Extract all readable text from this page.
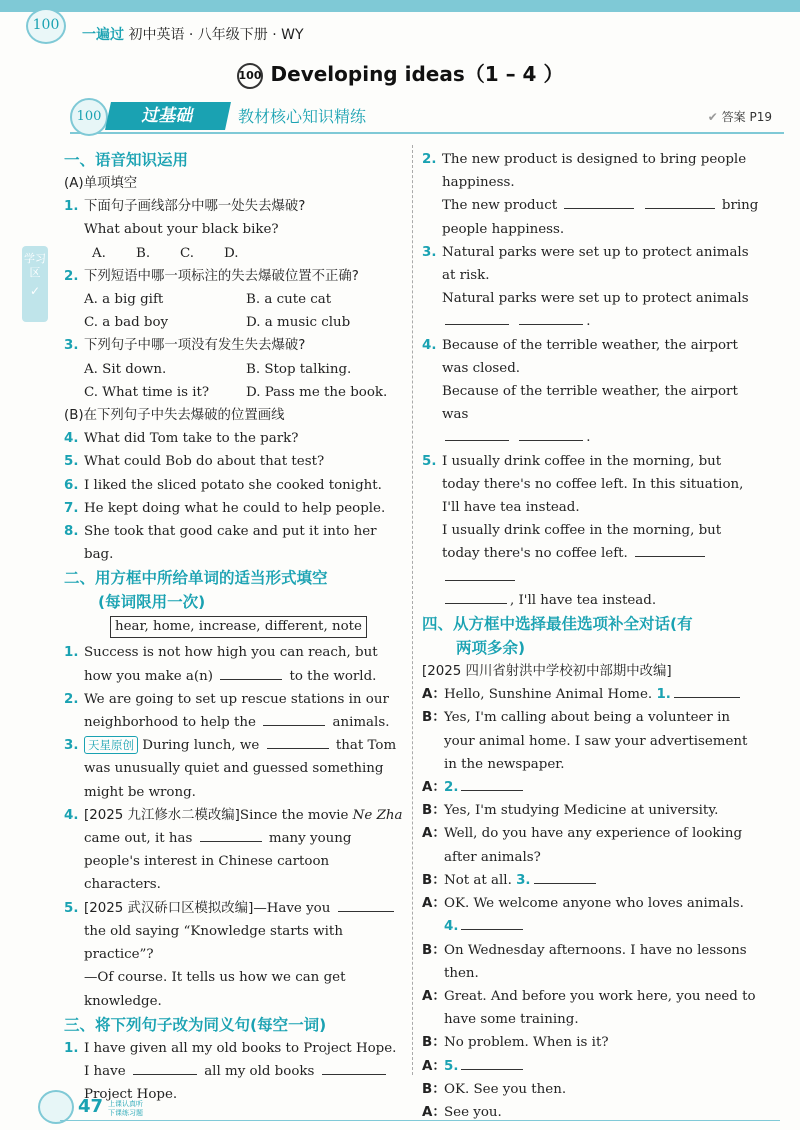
100
一遍过 初中英语 · 八年级下册 · WY
100 Developing ideas（1 – 4 ）
100	过基础	教材核心知识精练	✔ 答案 P19
学习区
✓

一、语音知识运用

(A)单项填空

1. 下面句子画线部分中哪一处失去爆破?

What about your black bike?

A. B. C. D.

2. 下列短语中哪一项标注的失去爆破位置不正确?
A. a big gift	B. a cute cat
C. a bad boy	D. a music club
3. 下列句子中哪一项没有发生失去爆破?
A. Sit down.	B. Stop talking.
C. What time is it?	D. Pass me the book.

(B)在下列句子中失去爆破的位置画线

4. What did Tom take to the park?
5. What could Bob do about that test?
6. I liked the sliced potato she cooked tonight.
7. He kept doing what he could to help people.
8. She took that good cake and put it into her bag.

二、用方框中所给单词的适当形式填空

(每词限用一次)

hear, home, increase, different, note
1. Success is not how high you can reach, but how you make a(n)	to the world.
2. We are going to set up rescue stations in our neighborhood to help the	animals.
3. 天星原创 During lunch, we	that Tom was unusually quiet and guessed something might be wrong.
4. [2025 九江修水二模改编]Since the movie Ne Zha came out, it has	many young people's interest in Chinese cartoon characters.
5. [2025 武汉硚口区模拟改编]—Have you  the old saying “Knowledge starts with practice”?

—Of course. It tells us how we can get knowledge.

三、将下列句子改为同义句(每空一词)

1. I have given all my old books to Project Hope.

I have	all my old books
Project Hope.

2. The new product is designed to bring people happiness.

The new product	bring people happiness.

3. Natural parks were set up to protect animals at risk.

Natural parks were set up to protect animals
.

4. Because of the terrible weather, the airport was closed.

Because of the terrible weather, the airport was
.

5. I usually drink coffee in the morning, but today there's no coffee left. In this situation, I'll have tea instead.

I usually drink coffee in the morning, but today there's no coffee left.
, I'll have tea instead.

四、从方框中选择最佳选项补全对话(有

两项多余)

[2025 四川省射洪中学校初中部期中改编]

A：
Hello, Sunshine Animal Home. 1.
B：
Yes, I'm calling about being a volunteer in your animal home. I saw your advertisement in the newspaper.
A：
2.
B：
Yes, I'm studying Medicine at university.
A：
Well, do you have any experience of looking after animals?
B：
Not at all. 3.
A：
OK. We welcome anyone who loves animals.
4.
B：
On Wednesday afternoons. I have no lessons then.
A：
Great. And before you work here, you need to have some training.
B：
No problem. When is it?
A：
5.
B：
OK. See you then.
A：
See you.
47 上课认真听
下课练习题
